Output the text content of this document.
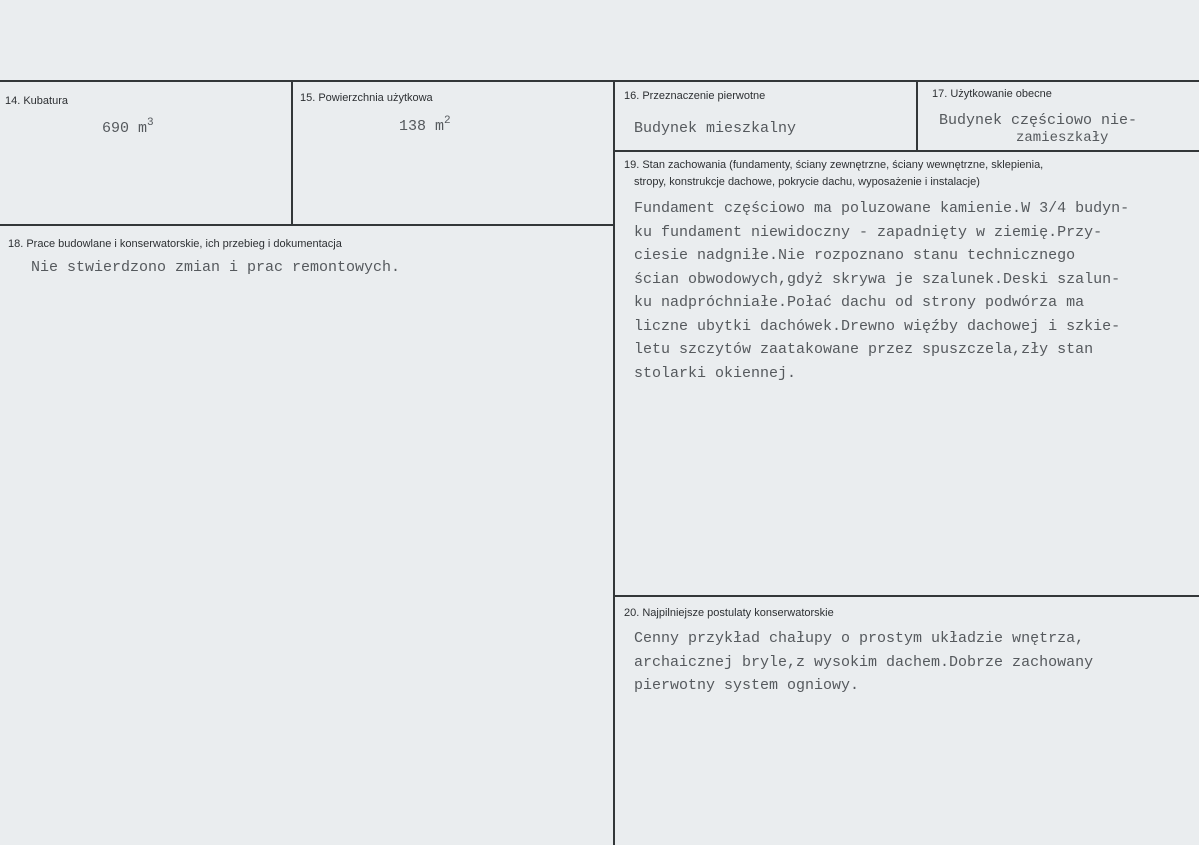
14. Kubatura
690 $m^3$
15. Powierzchnia użytkowa
138 $m^2$
16. Przeznaczenie pierwotne
Budynek mieszkalny
17. Użytkowanie obecne
Budynek częściowo nie-
zamieszkały
18. Prace budowlane i konserwatorskie, ich przebieg i dokumentacja
Nie stwierdzono zmian i prac remontowych.
19. Stan zachowania (fundamenty, ściany zewnętrzne, ściany wewnętrzne, sklepienia,
stropy, konstrukcje dachowe, pokrycie dachu, wyposażenie i instalacje)
Fundament częściowo ma poluzowane kamienie.W 3/4 budyn-
ku fundament niewidoczny - zapadnięty w ziemię.Przy-
ciesie nadgniłe.Nie rozpoznano stanu technicznego
ścian obwodowych,gdyż skrywa je szalunek.Deski szalun-
ku nadpróchniałe.Połać dachu od strony podwórza ma
liczne ubytki dachówek.Drewno więźby dachowej i szkie-
letu szczytów zaatakowane przez spuszczela,zły stan
stolarki okiennej.
20. Najpilniejsze postulaty konserwatorskie
Cenny przykład chałupy o prostym układzie wnętrza,
archaicznej bryle,z wysokim dachem.Dobrze zachowany
pierwotny system ogniowy.
